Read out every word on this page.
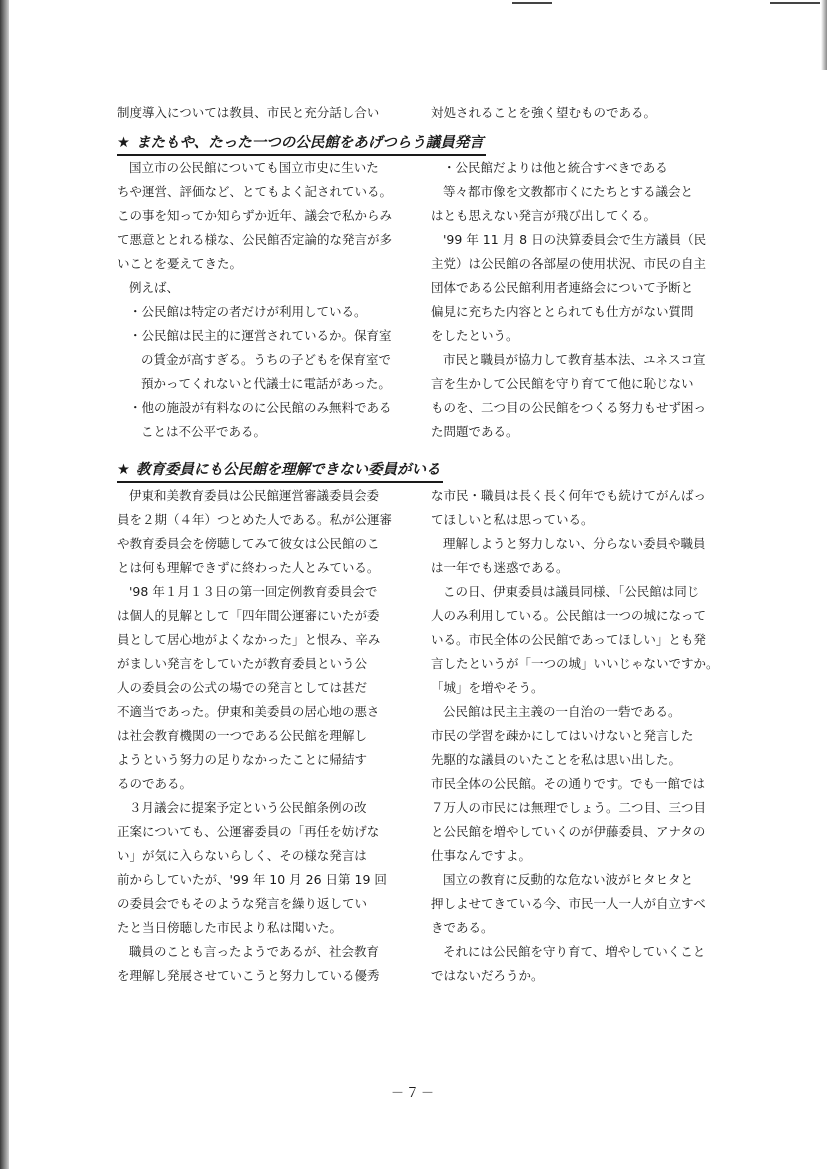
制度導入については教員、市民と充分話し合い	対処されることを強く望むものである。
★ またもや、たった一つの公民館をあげつらう議員発言
国立市の公民館についても国立市史に生いた
ちや運営、評価など、とてもよく記されている。
この事を知ってか知らずか近年、議会で私からみ
て悪意ととれる様な、公民館否定論的な発言が多
いことを憂えてきた。
例えば、
・公民館は特定の者だけが利用している。
・公民館は民主的に運営されているか。保育室
の賃金が高すぎる。うちの子どもを保育室で
預かってくれないと代議士に電話があった。
・他の施設が有料なのに公民館のみ無料である
ことは不公平である。
・公民館だよりは他と統合すべきである
等々都市像を文教都市くにたちとする議会と
はとも思えない発言が飛び出してくる。
'99 年 11 月 8 日の決算委員会で生方議員（民
主党）は公民館の各部屋の使用状況、市民の自主
団体である公民館利用者連絡会について予断と
偏見に充ちた内容ととられても仕方がない質問
をしたという。
市民と職員が協力して教育基本法、ユネスコ宣
言を生かして公民館を守り育てて他に恥じない
ものを、二つ目の公民館をつくる努力もせず困っ
た問題である。
★ 教育委員にも公民館を理解できない委員がいる
伊東和美教育委員は公民館運営審議委員会委
員を２期（４年）つとめた人である。私が公運審
や教育委員会を傍聴してみて彼女は公民館のこ
とは何も理解できずに終わった人とみている。
'98 年１月１３日の第一回定例教育委員会で
は個人的見解として「四年間公運審にいたが委
員として居心地がよくなかった」と恨み、辛み
がましい発言をしていたが教育委員という公
人の委員会の公式の場での発言としては甚だ
不適当であった。伊東和美委員の居心地の悪さ
は社会教育機関の一つである公民館を理解し
ようという努力の足りなかったことに帰結す
るのである。
３月議会に提案予定という公民館条例の改
正案についても、公運審委員の「再任を妨げな
い」が気に入らないらしく、その様な発言は
前からしていたが、'99 年 10 月 26 日第 19 回
の委員会でもそのような発言を繰り返してい
たと当日傍聴した市民より私は聞いた。
職員のことも言ったようであるが、社会教育
を理解し発展させていこうと努力している優秀
な市民・職員は長く長く何年でも続けてがんばっ
てほしいと私は思っている。
理解しようと努力しない、分らない委員や職員
は一年でも迷惑である。
この日、伊東委員は議員同様、「公民館は同じ
人のみ利用している。公民館は一つの城になって
いる。市民全体の公民館であってほしい」とも発
言したというが「一つの城」いいじゃないですか。
「城」を増やそう。
公民館は民主主義の一自治の一砦である。
市民の学習を疎かにしてはいけないと発言した
先駆的な議員のいたことを私は思い出した。
市民全体の公民館。その通りです。でも一館では
７万人の市民には無理でしょう。二つ目、三つ目
と公民館を増やしていくのが伊藤委員、アナタの
仕事なんですよ。
国立の教育に反動的な危ない波がヒタヒタと
押しよせてきている今、市民一人一人が自立すべ
きである。
それには公民館を守り育て、増やしていくこと
ではないだろうか。
－７－
